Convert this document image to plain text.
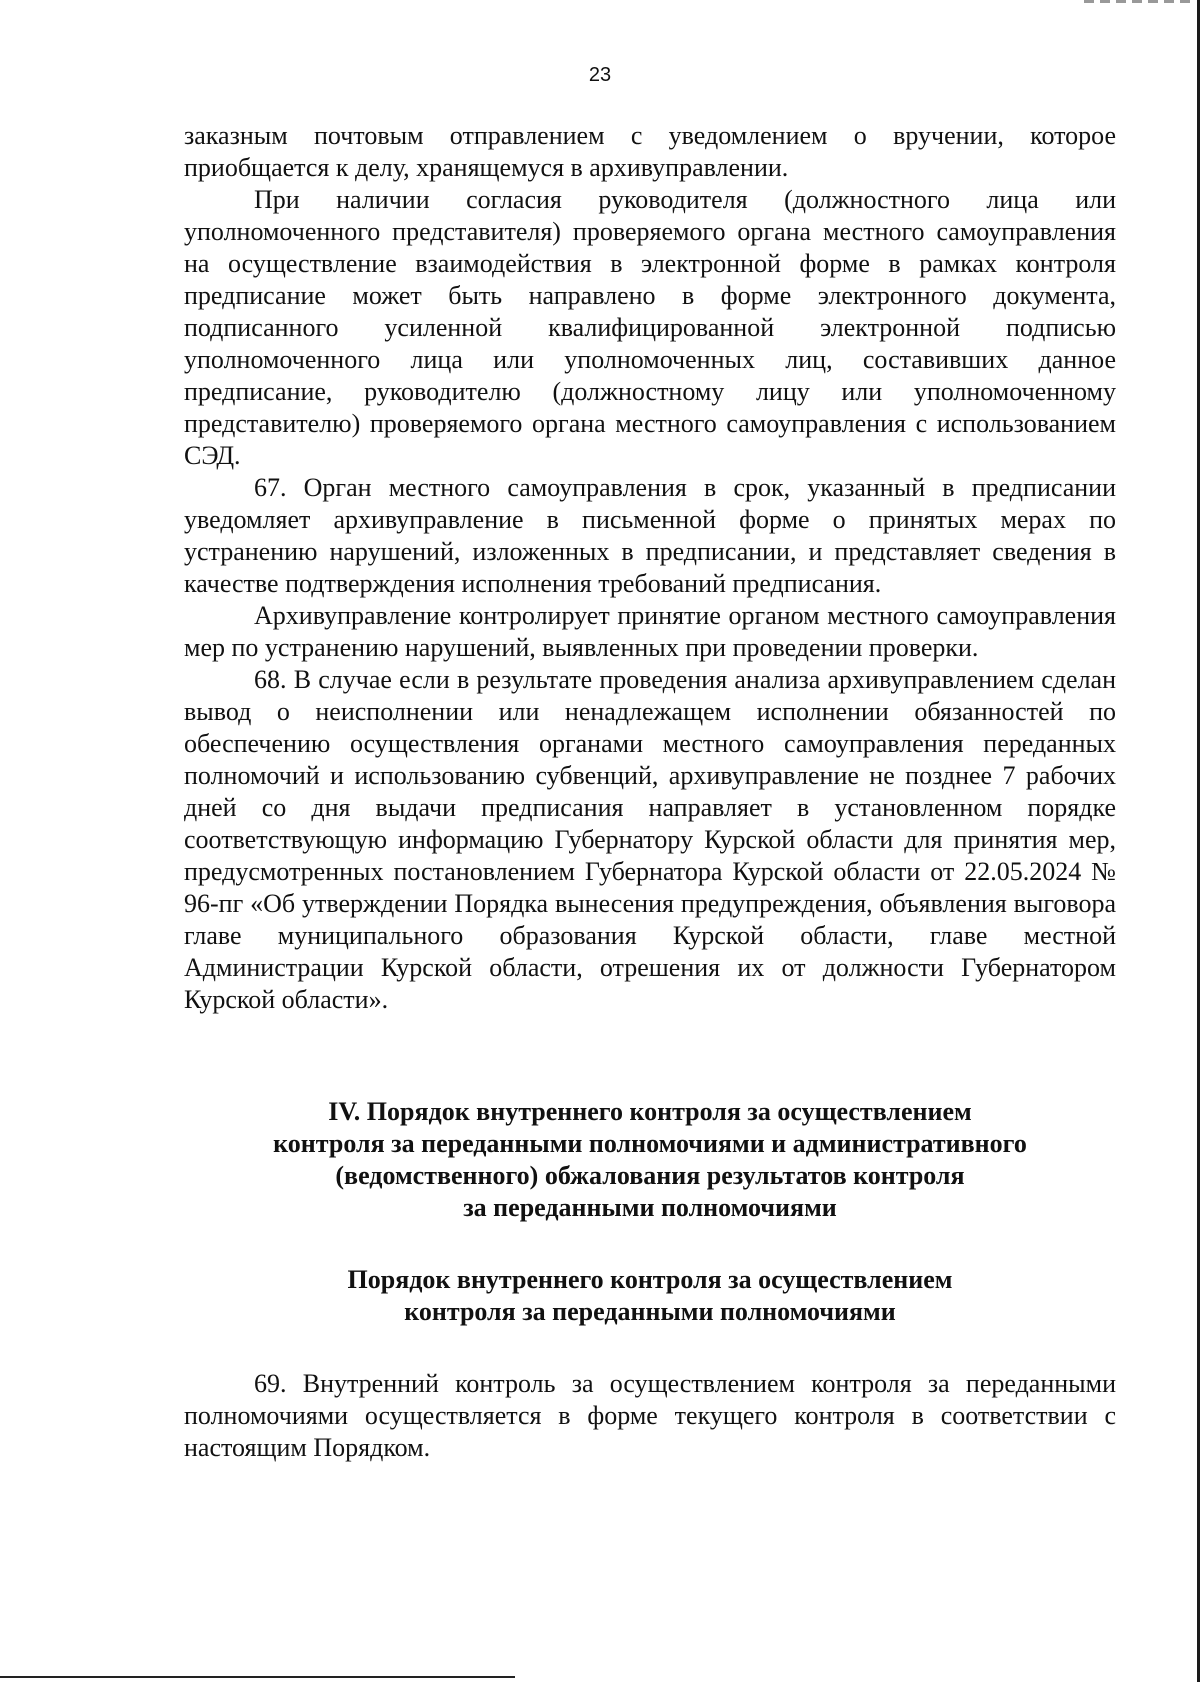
23

заказным почтовым отправлением с уведомлением о вручении, которое приобщается к делу, хранящемуся в архивуправлении.

При наличии согласия руководителя (должностного лица или уполномоченного представителя) проверяемого органа местного самоуправления на осуществление взаимодействия в электронной форме в рамках контроля предписание может быть направлено в форме электронного документа, подписанного усиленной квалифицированной электронной подписью уполномоченного лица или уполномоченных лиц, составивших данное предписание, руководителю (должностному лицу или уполномоченному представителю) проверяемого органа местного самоуправления с использованием СЭД.

67. Орган местного самоуправления в срок, указанный в предписании уведомляет архивуправление в письменной форме о принятых мерах по устранению нарушений, изложенных в предписании, и представляет сведения в качестве подтверждения исполнения требований предписания.

Архивуправление контролирует принятие органом местного самоуправления мер по устранению нарушений, выявленных при проведении проверки.

68. В случае если в результате проведения анализа архивуправлением сделан вывод о неисполнении или ненадлежащем исполнении обязанностей по обеспечению осуществления органами местного самоуправления переданных полномочий и использованию субвенций, архивуправление не позднее 7 рабочих дней со дня выдачи предписания направляет в установленном порядке соответствующую информацию Губернатору Курской области для принятия мер, предусмотренных постановлением Губернатора Курской области от 22.05.2024 № 96-пг «Об утверждении Порядка вынесения предупреждения, объявления выговора главе муниципального образования Курской области, главе местной Администрации Курской области, отрешения их от должности Губернатором Курской области».

IV. Порядок внутреннего контроля за осуществлением
контроля за переданными полномочиями и административного
(ведомственного) обжалования результатов контроля
за переданными полномочиями
Порядок внутреннего контроля за осуществлением
контроля за переданными полномочиями

69. Внутренний контроль за осуществлением контроля за переданными полномочиями осуществляется в форме текущего контроля в соответствии с настоящим Порядком.
